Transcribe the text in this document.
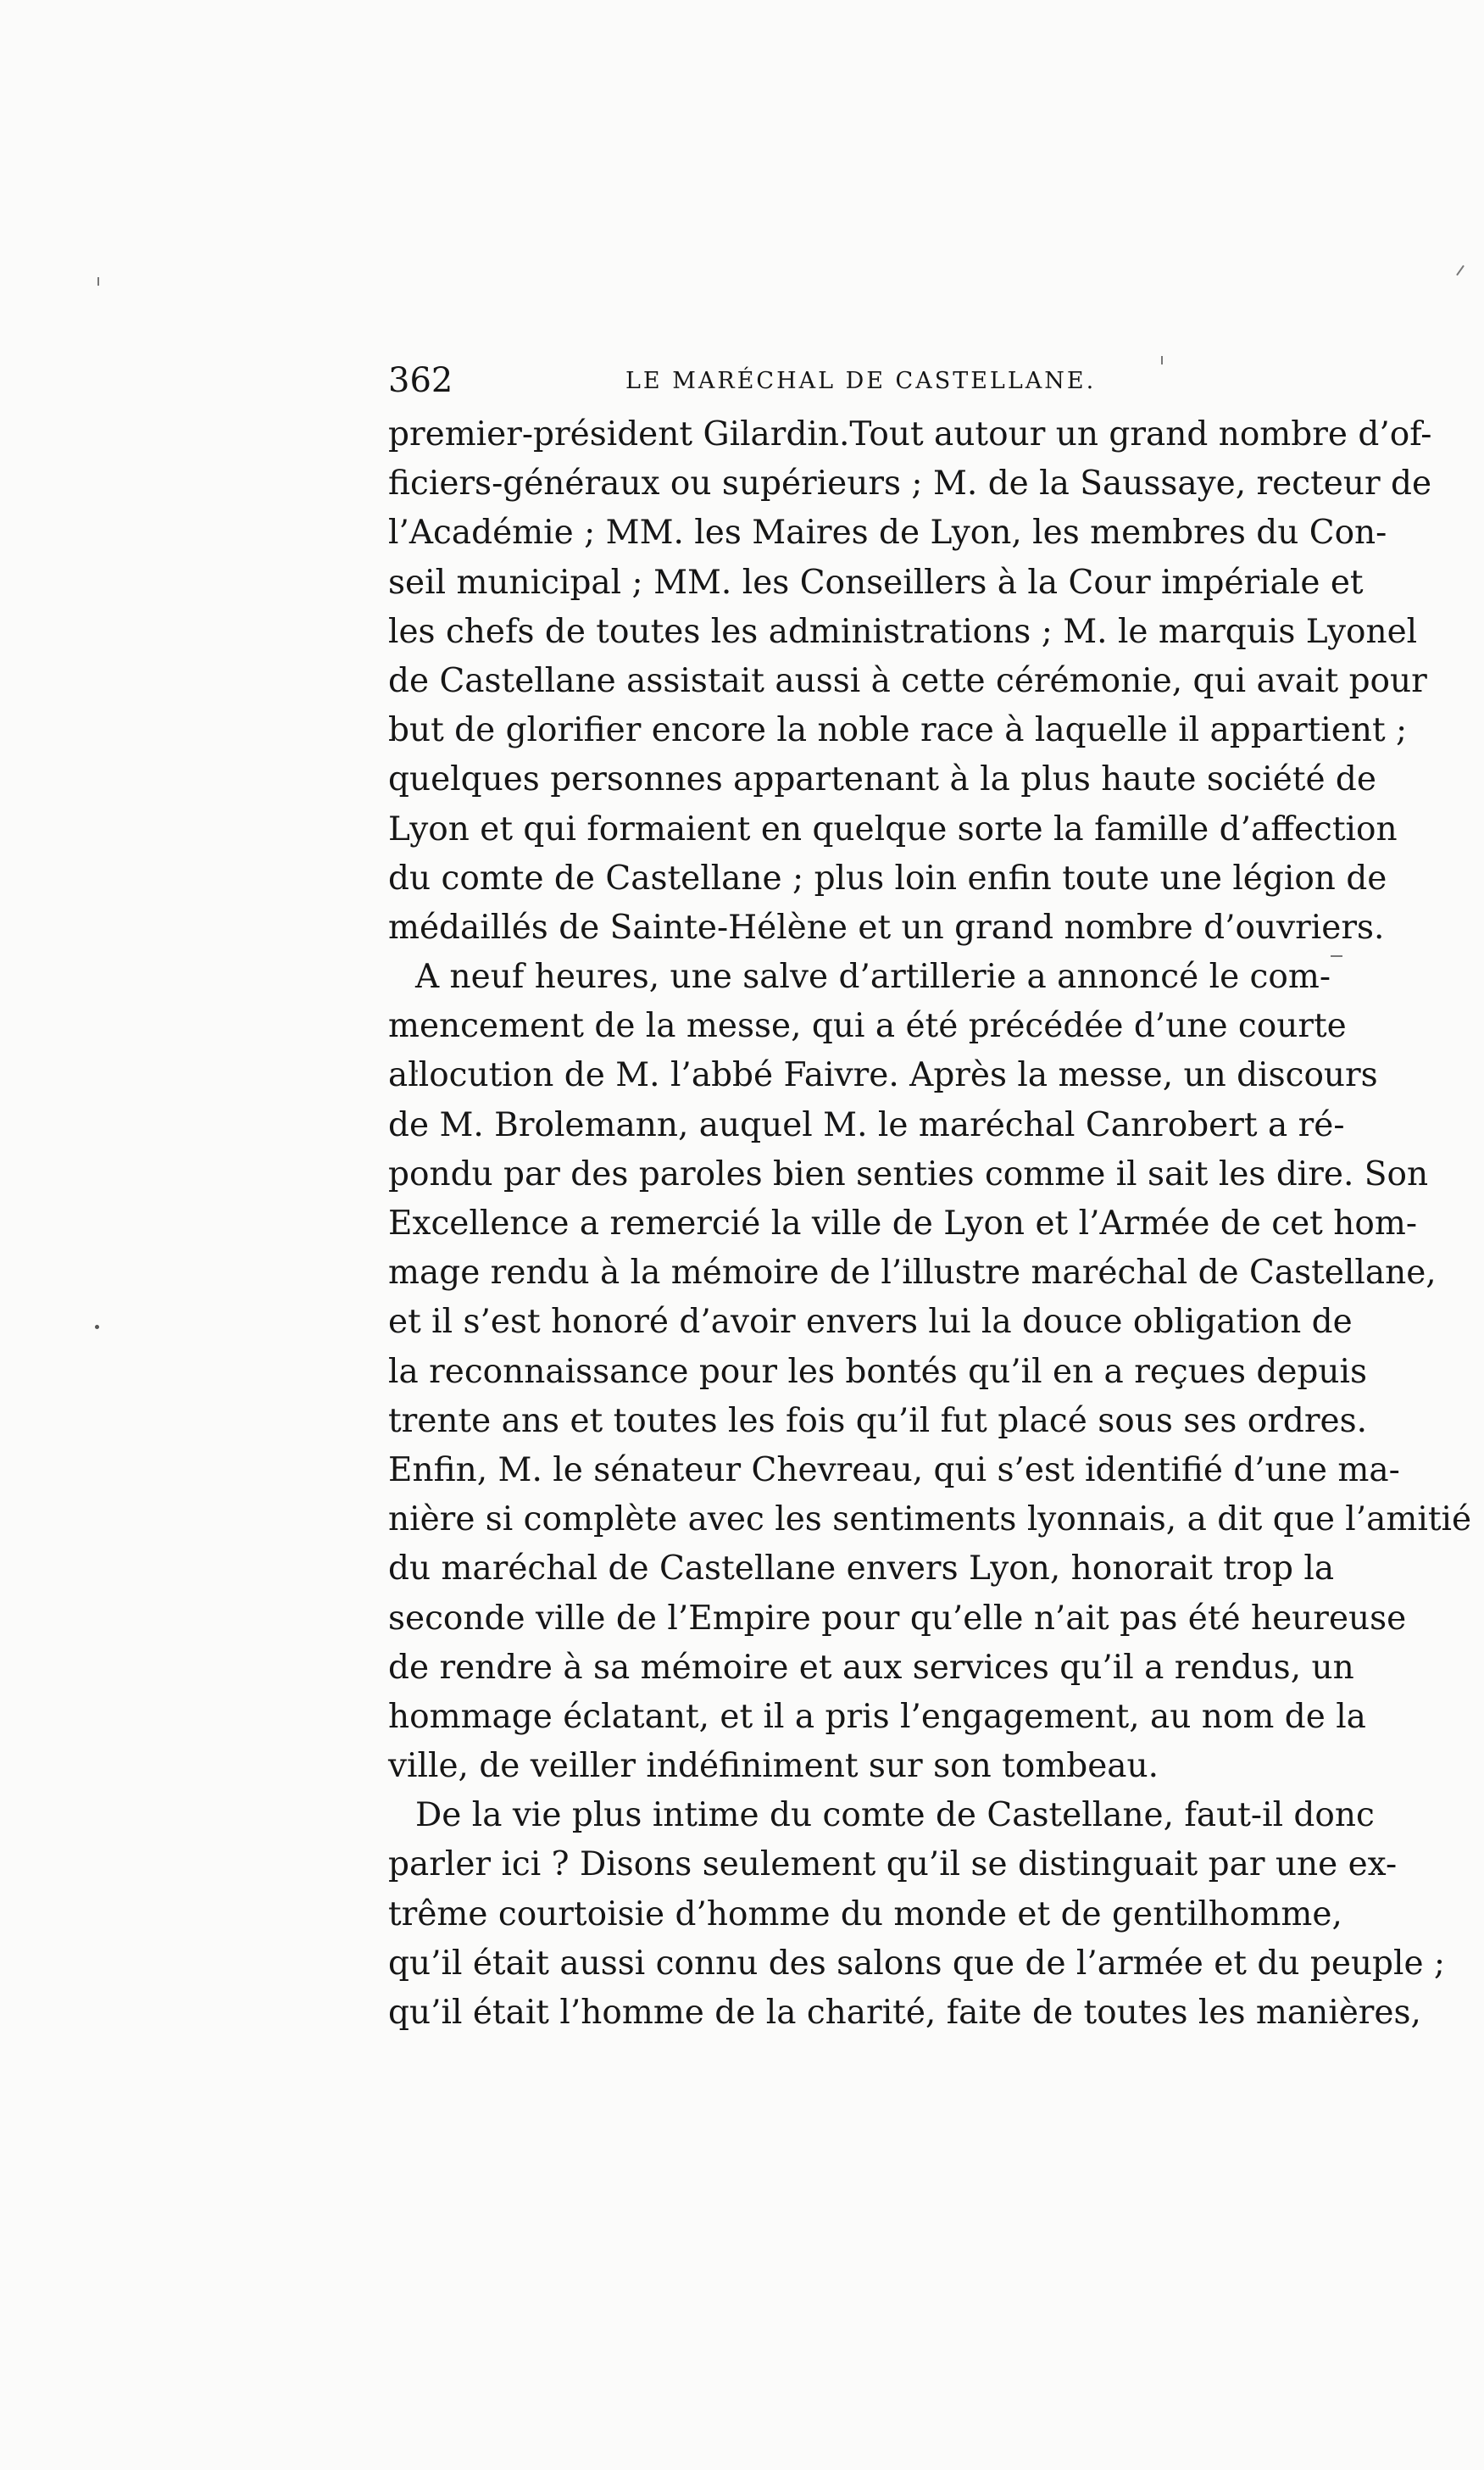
362	LE MARÉCHAL DE CASTELLANE.
premier-président Gilardin.Tout autour un grand nombre d’of-
ficiers-généraux ou supérieurs ; M. de la Saussaye, recteur de
l’Académie ; MM. les Maires de Lyon, les membres du Con-
seil municipal ; MM. les Conseillers à la Cour impériale et
les chefs de toutes les administrations ; M. le marquis Lyonel
de Castellane assistait aussi à cette cérémonie, qui avait pour
but de glorifier encore la noble race à laquelle il appartient ;
quelques personnes appartenant à la plus haute société de
Lyon et qui formaient en quelque sorte la famille d’affection
du comte de Castellane ; plus loin enfin toute une légion de
médaillés de Sainte-Hélène et un grand nombre d’ouvriers.
A neuf heures, une salve d’artillerie a annoncé le com-
mencement de la messe, qui a été précédée d’une courte
allocution de M. l’abbé Faivre. Après la messe, un discours
de M. Brolemann, auquel M. le maréchal Canrobert a ré-
pondu par des paroles bien senties comme il sait les dire. Son
Excellence a remercié la ville de Lyon et l’Armée de cet hom-
mage rendu à la mémoire de l’illustre maréchal de Castellane,
et il s’est honoré d’avoir envers lui la douce obligation de
la reconnaissance pour les bontés qu’il en a reçues depuis
trente ans et toutes les fois qu’il fut placé sous ses ordres.
Enfin, M. le sénateur Chevreau, qui s’est identifié d’une ma-
nière si complète avec les sentiments lyonnais, a dit que l’amitié
du maréchal de Castellane envers Lyon, honorait trop la
seconde ville de l’Empire pour qu’elle n’ait pas été heureuse
de rendre à sa mémoire et aux services qu’il a rendus, un
hommage éclatant, et il a pris l’engagement, au nom de la
ville, de veiller indéfiniment sur son tombeau.
De la vie plus intime du comte de Castellane, faut-il donc
parler ici ? Disons seulement qu’il se distinguait par une ex-
trême courtoisie d’homme du monde et de gentilhomme,
qu’il était aussi connu des salons que de l’armée et du peuple ;
qu’il était l’homme de la charité, faite de toutes les manières,
